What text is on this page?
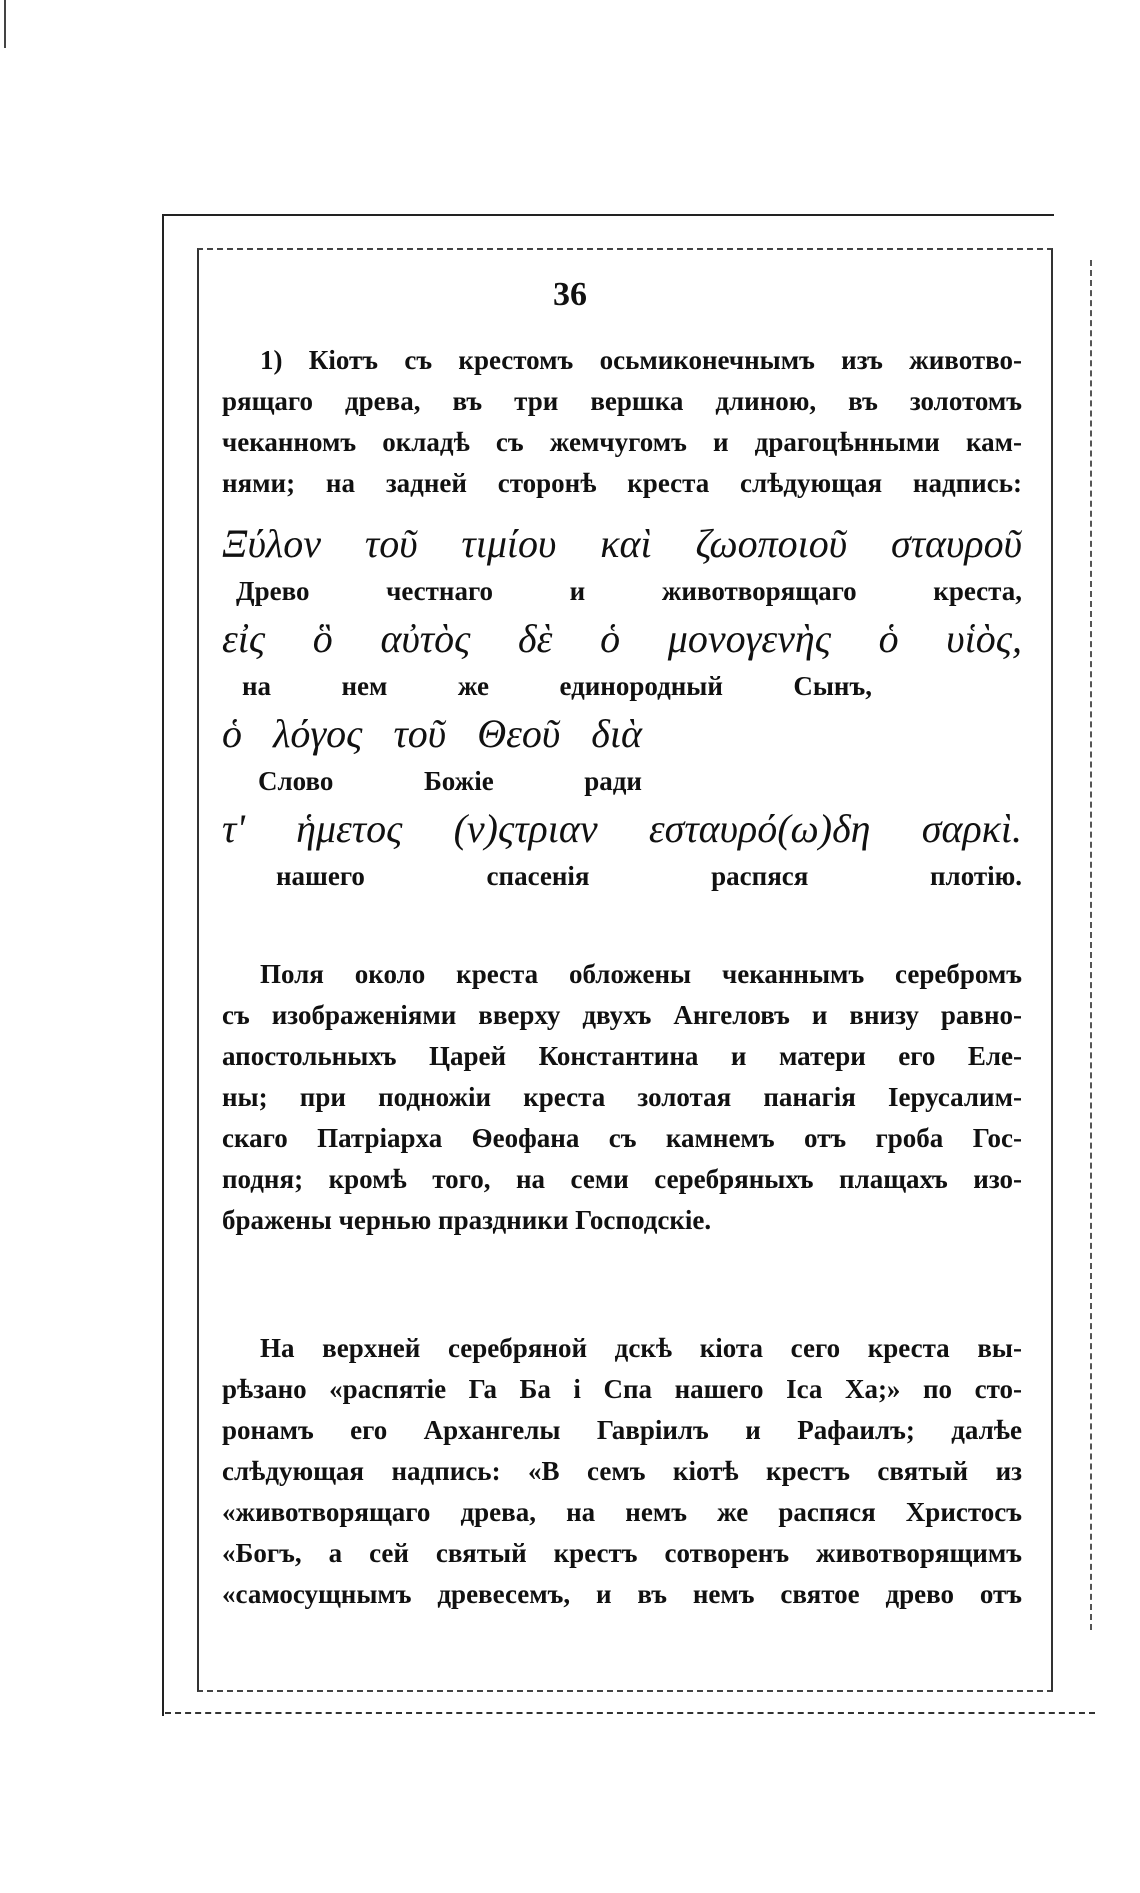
36
1) Кіотъ съ крестомъ осьмиконечнымъ изъ животво-
рящаго древа, въ три вершка длиною, въ золотомъ
чеканномъ окладѣ съ жемчугомъ и драгоцѣнными кам-
нями; на задней сторонѣ креста слѣдующая надпись:
Ξύλον τοῦ τιμίου καὶ ζωοποιοῦ σταυροῦ
Древо	честнаго	и	животворящаго	креста,
εἰς ὃ αὐτὸς δὲ ὁ μονογενὴς ὁ υἱὸς,
на	нем	же	единородный	Сынъ,
ὁ λόγος τοῦ Θεοῦ διὰ
Слово	Божіе	ради
τ' ἡμετος (ν)ςτριαν εσταυρό(ω)δη σαρκὶ.
нашего	спасенія	распяся	плотію.
Поля около креста обложены чеканнымъ серебромъ
съ изображеніями вверху двухъ Ангеловъ и внизу равно-
апостольныхъ Царей Константина и матери его Еле-
ны; при подножіи креста золотая панагія Іерусалим-
скаго Патріарха Ѳеофана съ камнемъ отъ гроба Гос-
подня; кромѣ того, на семи серебряныхъ плащахъ изо-
бражены чернью праздники Господскіе.
На верхней серебряной дскѣ кіота сего креста вы-
рѣзано «распятіе Га Ба і Спа нашего Іса Ха;» по сто-
ронамъ его Архангелы Гавріилъ и Рафаилъ; далѣе
слѣдующая надпись: «В семъ кіотѣ крестъ святый из
«животворящаго древа, на немъ же распяся Христосъ
«Богъ, а сей святый крестъ сотворенъ животворящимъ
«самосущнымъ древесемъ, и въ немъ святое древо отъ
